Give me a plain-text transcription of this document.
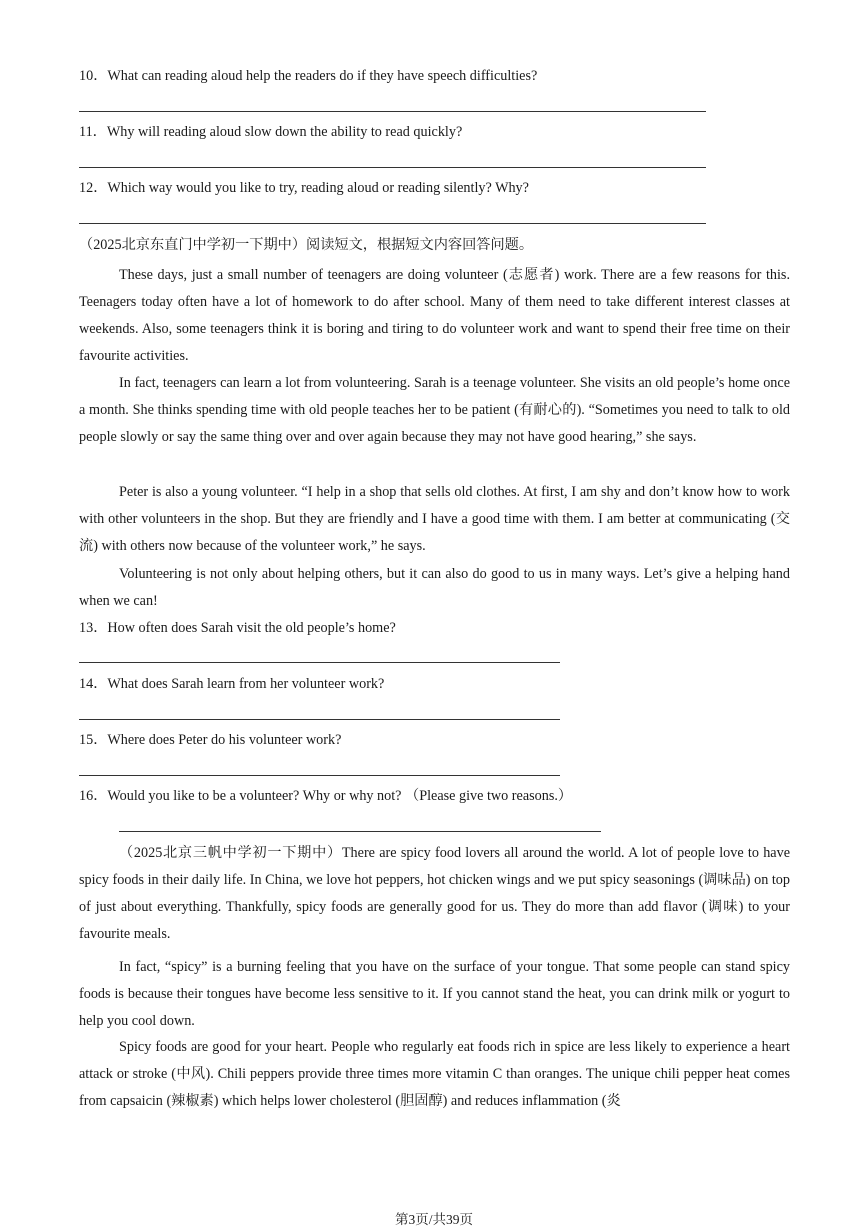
10．What can reading aloud help the readers do if they have speech difficulties?
11．Why will reading aloud slow down the ability to read quickly?
12．Which way would you like to try, reading aloud or reading silently? Why?
（2025北京东直门中学初一下期中）阅读短文，根据短文内容回答问题。

These days, just a small number of teenagers are doing volunteer (志愿者) work. There are a few reasons for this. Teenagers today often have a lot of homework to do after school. Many of them need to take different interest classes at weekends. Also, some teenagers think it is boring and tiring to do volunteer work and want to spend their free time on their favourite activities.

In fact, teenagers can learn a lot from volunteering. Sarah is a teenage volunteer. She visits an old people’s home once a month. She thinks spending time with old people teaches her to be patient (有耐心的). “Sometimes you need to talk to old people slowly or say the same thing over and over again because they may not have good hearing,” she says.

Peter is also a young volunteer. “I help in a shop that sells old clothes. At first, I am shy and don’t know how to work with other volunteers in the shop. But they are friendly and I have a good time with them. I am better at communicating (交流) with others now because of the volunteer work,” he says.

Volunteering is not only about helping others, but it can also do good to us in many ways. Let’s give a helping hand when we can!

13．How often does Sarah visit the old people’s home?
14．What does Sarah learn from her volunteer work?
15．Where does Peter do his volunteer work?
16．Would you like to be a volunteer? Why or why not? （Please give two reasons.）

（2025北京三帆中学初一下期中）There are spicy food lovers all around the world. A lot of people love to have spicy foods in their daily life. In China, we love hot peppers, hot chicken wings and we put spicy seasonings (调味品) on top of just about everything. Thankfully, spicy foods are generally good for us. They do more than add flavor (调味) to your favourite meals.

In fact, “spicy” is a burning feeling that you have on the surface of your tongue. That some people can stand spicy foods is because their tongues have become less sensitive to it. If you cannot stand the heat, you can drink milk or yogurt to help you cool down.

Spicy foods are good for your heart. People who regularly eat foods rich in spice are less likely to experience a heart attack or stroke (中风). Chili peppers provide three times more vitamin C than oranges. The unique chili pepper heat comes from capsaicin (辣椒素) which helps lower cholesterol (胆固醇) and reduces inflammation (炎

第3页/共39页
